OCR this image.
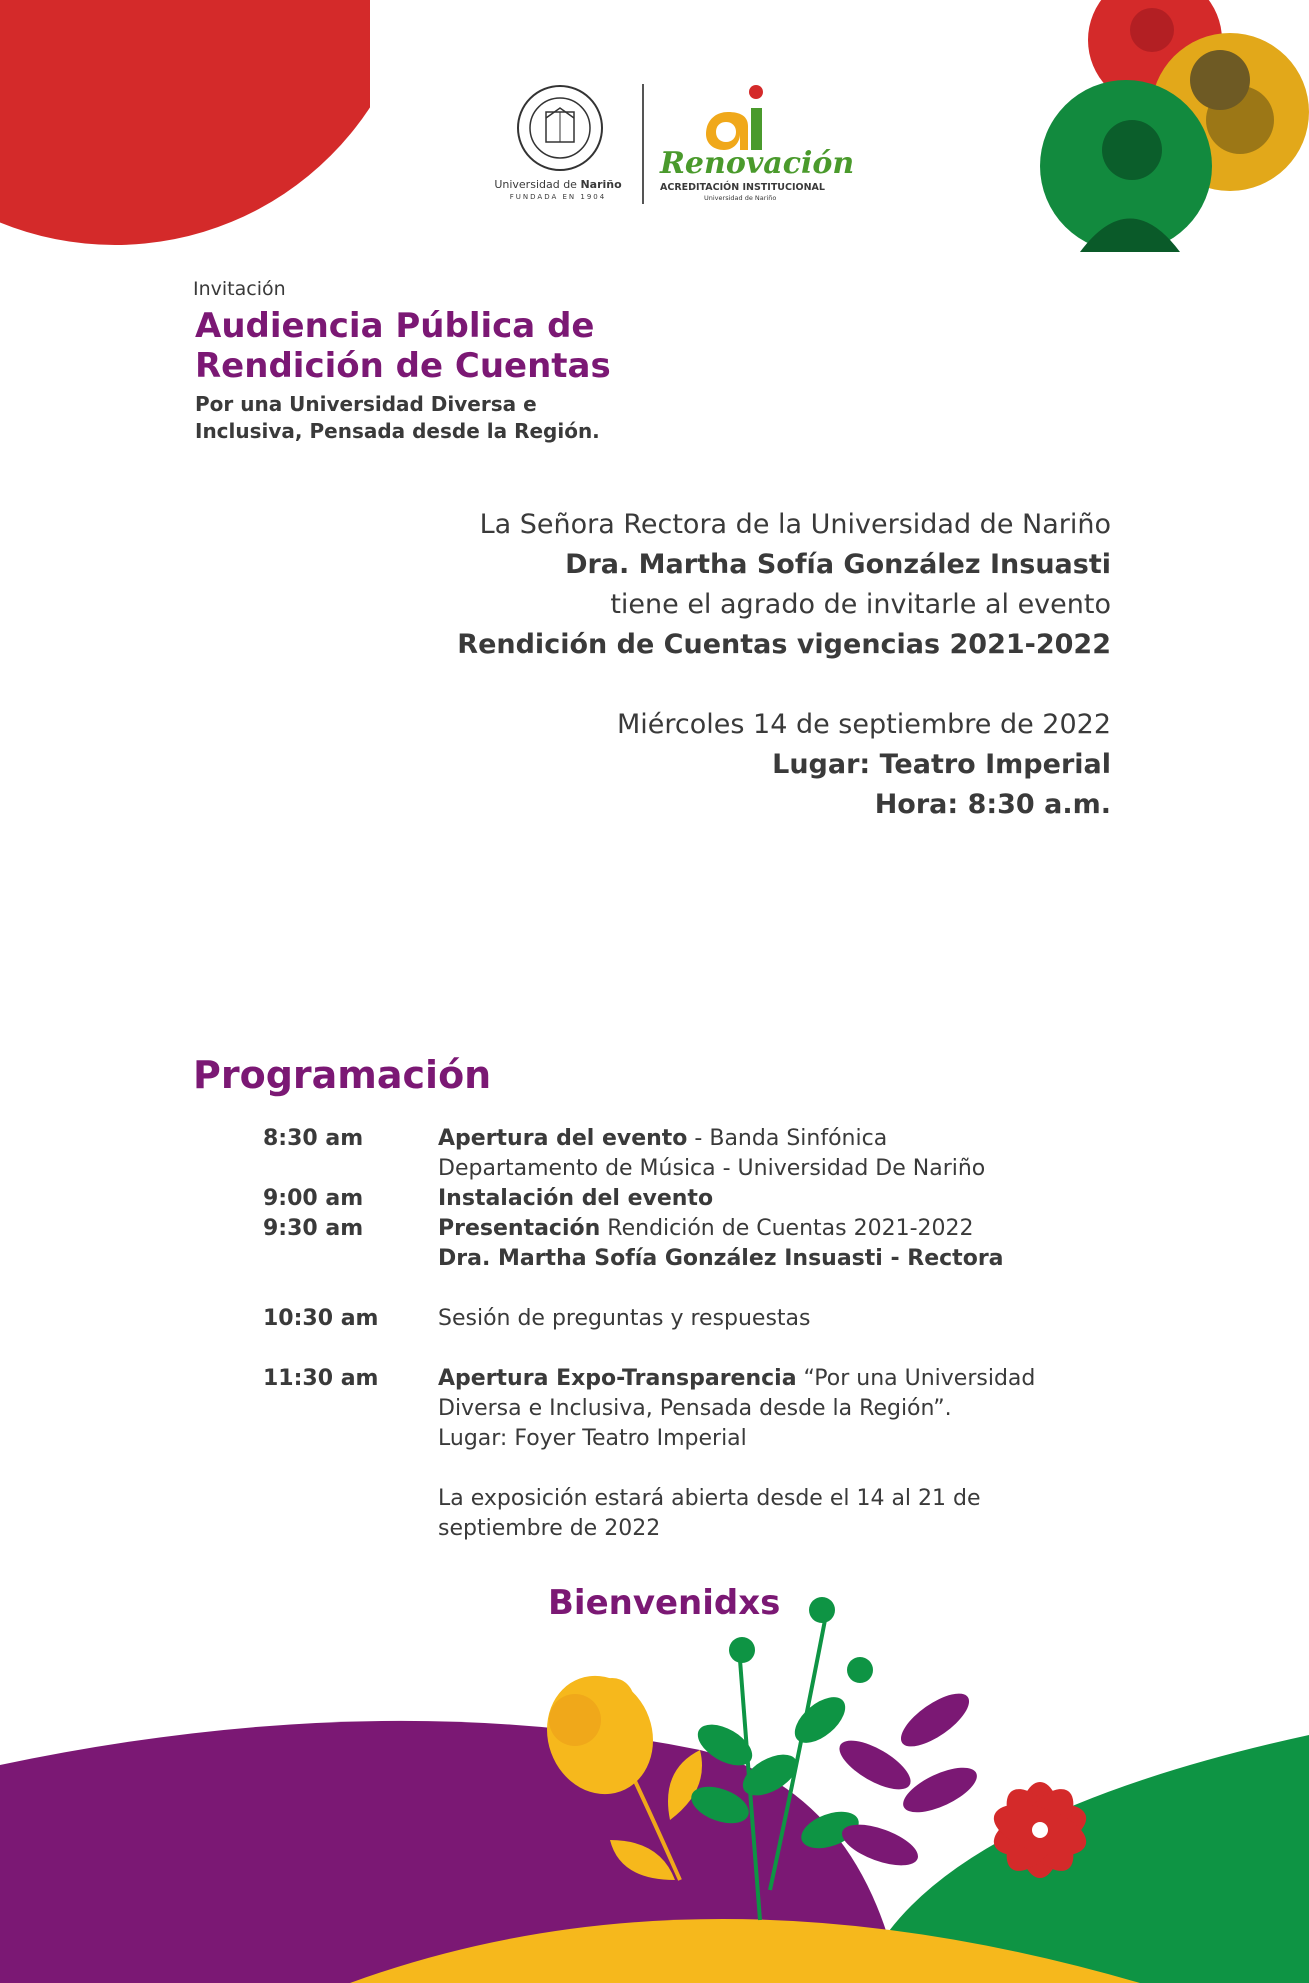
Universidad de Nariño
FUNDADA EN 1904
Renovación
ACREDITACIÓN INSTITUCIONAL
Universidad de Nariño
Invitación
Audiencia Pública de
Rendición de Cuentas
Por una Universidad Diversa e
Inclusiva, Pensada desde la Región.
La Señora Rectora de la Universidad de Nariño
Dra. Martha Sofía González Insuasti
tiene el agrado de invitarle al evento
Rendición de Cuentas vigencias 2021-2022
Miércoles 14 de septiembre de 2022
Lugar: Teatro Imperial
Hora: 8:30 a.m.
Programación
8:30 am	Apertura del evento - Banda Sinfónica
Departamento de Música - Universidad De Nariño
9:00 am	Instalación del evento
9:30 am	Presentación Rendición de Cuentas 2021-2022
Dra. Martha Sofía González Insuasti - Rectora
10:30 am	Sesión de preguntas y respuestas
11:30 am	Apertura Expo-Transparencia “Por una Universidad
Diversa e Inclusiva, Pensada desde la Región”.
Lugar: Foyer Teatro Imperial
La exposición estará abierta desde el 14 al 21 de
septiembre de 2022
Bienvenidxs
